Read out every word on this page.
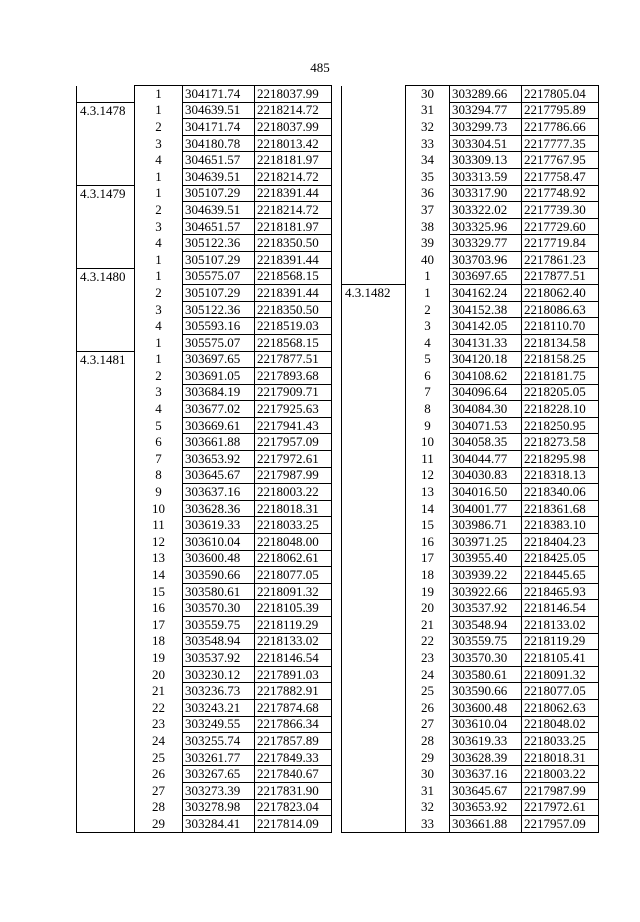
485
	1	304171.74	2218037.99
4.3.1478	1	304639.51	2218214.72
	2	304171.74	2218037.99
	3	304180.78	2218013.42
	4	304651.57	2218181.97
	1	304639.51	2218214.72
4.3.1479	1	305107.29	2218391.44
	2	304639.51	2218214.72
	3	304651.57	2218181.97
	4	305122.36	2218350.50
	1	305107.29	2218391.44
4.3.1480	1	305575.07	2218568.15
	2	305107.29	2218391.44
	3	305122.36	2218350.50
	4	305593.16	2218519.03
	1	305575.07	2218568.15
4.3.1481	1	303697.65	2217877.51
	2	303691.05	2217893.68
	3	303684.19	2217909.71
	4	303677.02	2217925.63
	5	303669.61	2217941.43
	6	303661.88	2217957.09
	7	303653.92	2217972.61
	8	303645.67	2217987.99
	9	303637.16	2218003.22
	10	303628.36	2218018.31
	11	303619.33	2218033.25
	12	303610.04	2218048.00
	13	303600.48	2218062.61
	14	303590.66	2218077.05
	15	303580.61	2218091.32
	16	303570.30	2218105.39
	17	303559.75	2218119.29
	18	303548.94	2218133.02
	19	303537.92	2218146.54
	20	303230.12	2217891.03
	21	303236.73	2217882.91
	22	303243.21	2217874.68
	23	303249.55	2217866.34
	24	303255.74	2217857.89
	25	303261.77	2217849.33
	26	303267.65	2217840.67
	27	303273.39	2217831.90
	28	303278.98	2217823.04
	29	303284.41	2217814.09
	30	303289.66	2217805.04
	31	303294.77	2217795.89
	32	303299.73	2217786.66
	33	303304.51	2217777.35
	34	303309.13	2217767.95
	35	303313.59	2217758.47
	36	303317.90	2217748.92
	37	303322.02	2217739.30
	38	303325.96	2217729.60
	39	303329.77	2217719.84
	40	303703.96	2217861.23
	1	303697.65	2217877.51
4.3.1482	1	304162.24	2218062.40
	2	304152.38	2218086.63
	3	304142.05	2218110.70
	4	304131.33	2218134.58
	5	304120.18	2218158.25
	6	304108.62	2218181.75
	7	304096.64	2218205.05
	8	304084.30	2218228.10
	9	304071.53	2218250.95
	10	304058.35	2218273.58
	11	304044.77	2218295.98
	12	304030.83	2218318.13
	13	304016.50	2218340.06
	14	304001.77	2218361.68
	15	303986.71	2218383.10
	16	303971.25	2218404.23
	17	303955.40	2218425.05
	18	303939.22	2218445.65
	19	303922.66	2218465.93
	20	303537.92	2218146.54
	21	303548.94	2218133.02
	22	303559.75	2218119.29
	23	303570.30	2218105.41
	24	303580.61	2218091.32
	25	303590.66	2218077.05
	26	303600.48	2218062.63
	27	303610.04	2218048.02
	28	303619.33	2218033.25
	29	303628.39	2218018.31
	30	303637.16	2218003.22
	31	303645.67	2217987.99
	32	303653.92	2217972.61
	33	303661.88	2217957.09
